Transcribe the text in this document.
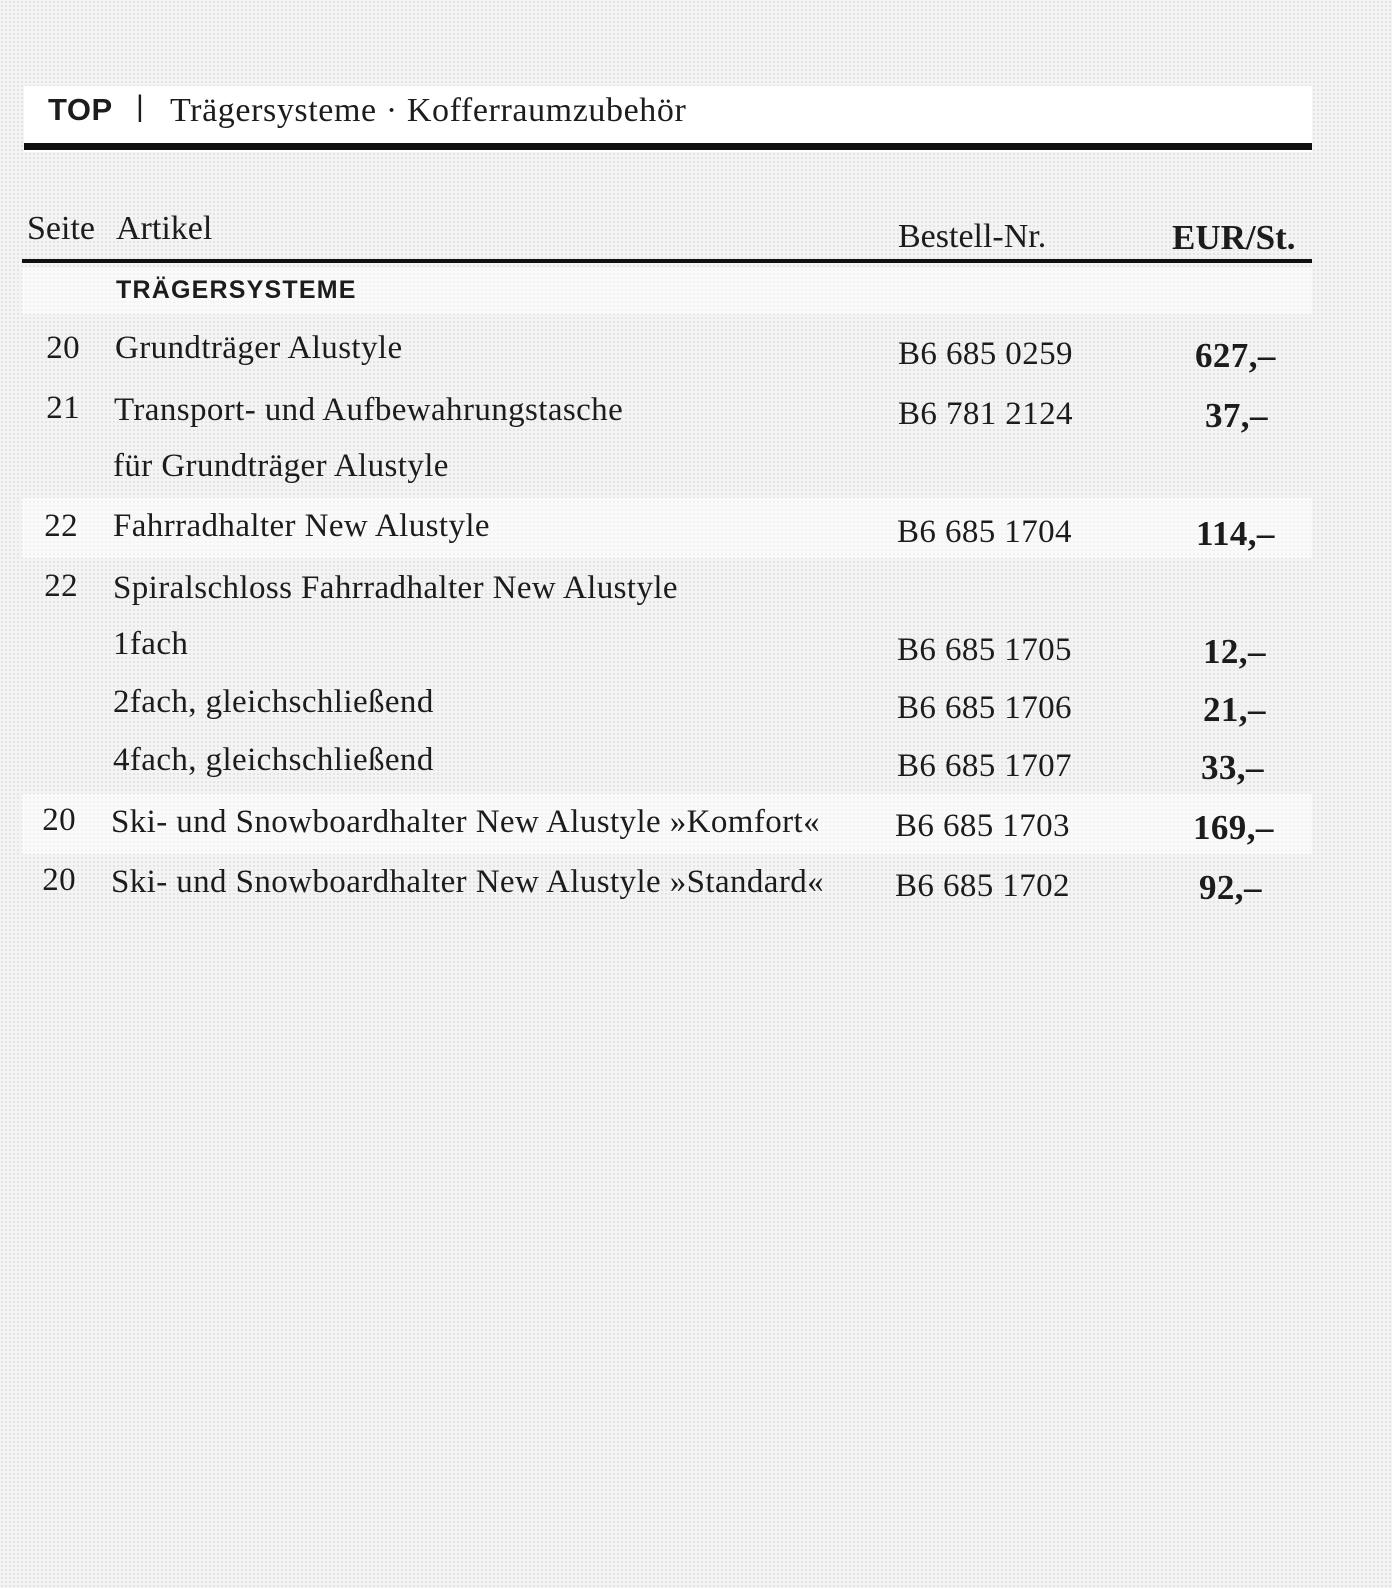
TOP | Trägersysteme · Kofferraumzubehör
Seite Artikel	Bestell-Nr.	EUR/St.
TRÄGERSYSTEME
20 Grundträger Alustyle	B6 685 0259	627,–
21 Transport- und Aufbewahrungstasche	B6 781 2124	37,–
für Grundträger Alustyle
22 Fahrradhalter New Alustyle	B6 685 1704	114,–
22 Spiralschloss Fahrradhalter New Alustyle
1fach	B6 685 1705	12,–
2fach, gleichschließend	B6 685 1706	21,–
4fach, gleichschließend	B6 685 1707	33,–
20 Ski- und Snowboardhalter New Alustyle »Komfort« B6 685 1703	169,–
20 Ski- und Snowboardhalter New Alustyle »Standard« B6 685 1702	92,–
